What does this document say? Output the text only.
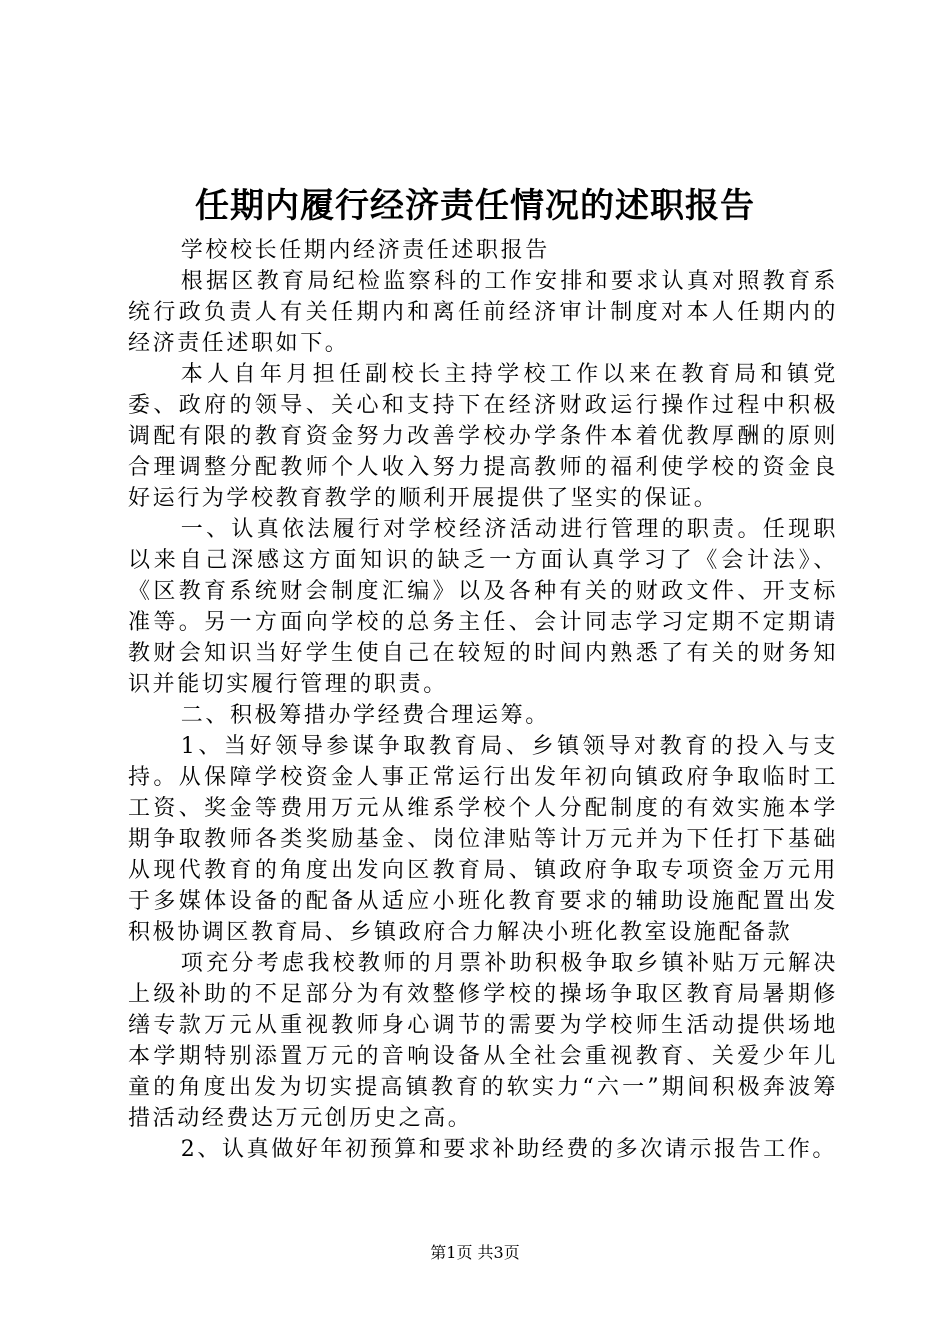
任期内履行经济责任情况的述职报告

学校校长任期内经济责任述职报告

根据区教育局纪检监察科的工作安排和要求认真对照教育系统行政负责人有关任期内和离任前经济审计制度对本人任期内的经济责任述职如下。

本人自年月担任副校长主持学校工作以来在教育局和镇党委、政府的领导、关心和支持下在经济财政运行操作过程中积极调配有限的教育资金努力改善学校办学条件本着优教厚酬的原则合理调整分配教师个人收入努力提高教师的福利使学校的资金良好运行为学校教育教学的顺利开展提供了坚实的保证。

一、认真依法履行对学校经济活动进行管理的职责。任现职以来自己深感这方面知识的缺乏一方面认真学习了《会计法》、《区教育系统财会制度汇编》以及各种有关的财政文件、开支标准等。另一方面向学校的总务主任、会计同志学习定期不定期请教财会知识当好学生使自己在较短的时间内熟悉了有关的财务知识并能切实履行管理的职责。

二、积极筹措办学经费合理运筹。

1、当好领导参谋争取教育局、乡镇领导对教育的投入与支持。从保障学校资金人事正常运行出发年初向镇政府争取临时工工资、奖金等费用万元从维系学校个人分配制度的有效实施本学期争取教师各类奖励基金、岗位津贴等计万元并为下任打下基础从现代教育的角度出发向区教育局、镇政府争取专项资金万元用于多媒体设备的配备从适应小班化教育要求的辅助设施配置出发积极协调区教育局、乡镇政府合力解决小班化教室设施配备款

项充分考虑我校教师的月票补助积极争取乡镇补贴万元解决上级补助的不足部分为有效整修学校的操场争取区教育局暑期修缮专款万元从重视教师身心调节的需要为学校师生活动提供场地本学期特别添置万元的音响设备从全社会重视教育、关爱少年儿童的角度出发为切实提高镇教育的软实力“六一”期间积极奔波筹措活动经费达万元创历史之高。

2、认真做好年初预算和要求补助经费的多次请示报告工作。

第1页 共3页
